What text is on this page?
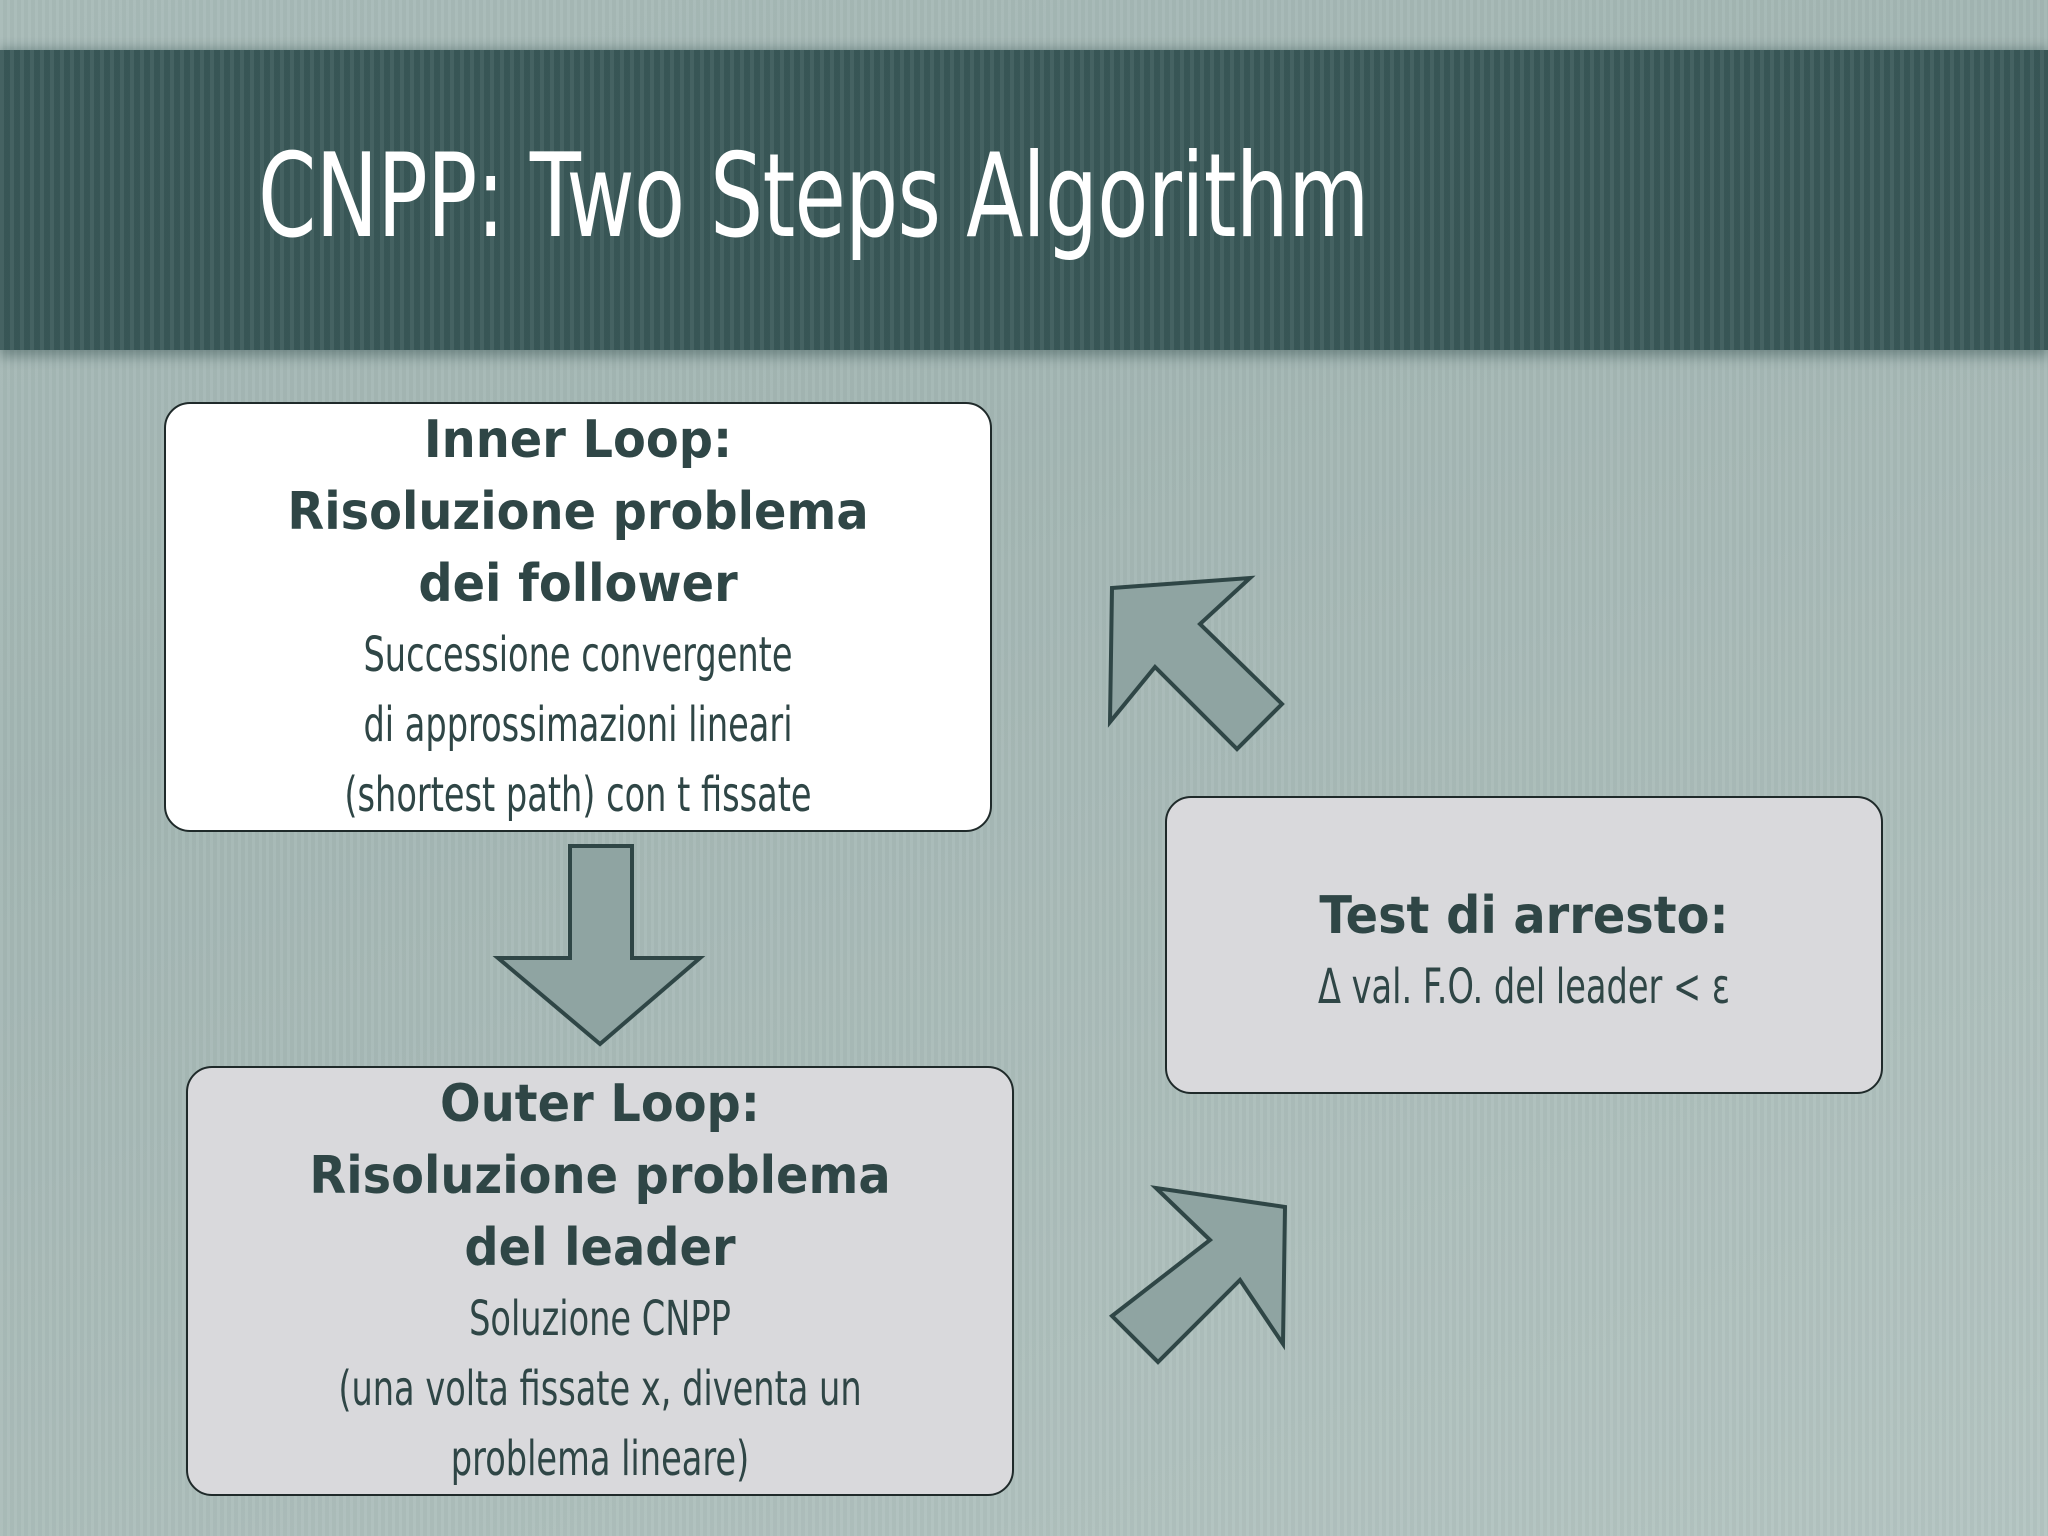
CNPP: Two Steps Algorithm
Inner Loop:
Risoluzione problema
dei follower
Successione convergente
di approssimazioni lineari
(shortest path) con t fissate
Outer Loop:
Risoluzione problema
del leader
Soluzione CNPP
(una volta fissate x, diventa un
problema lineare)
Test di arresto:
Δ val. F.O. del leader < ε
